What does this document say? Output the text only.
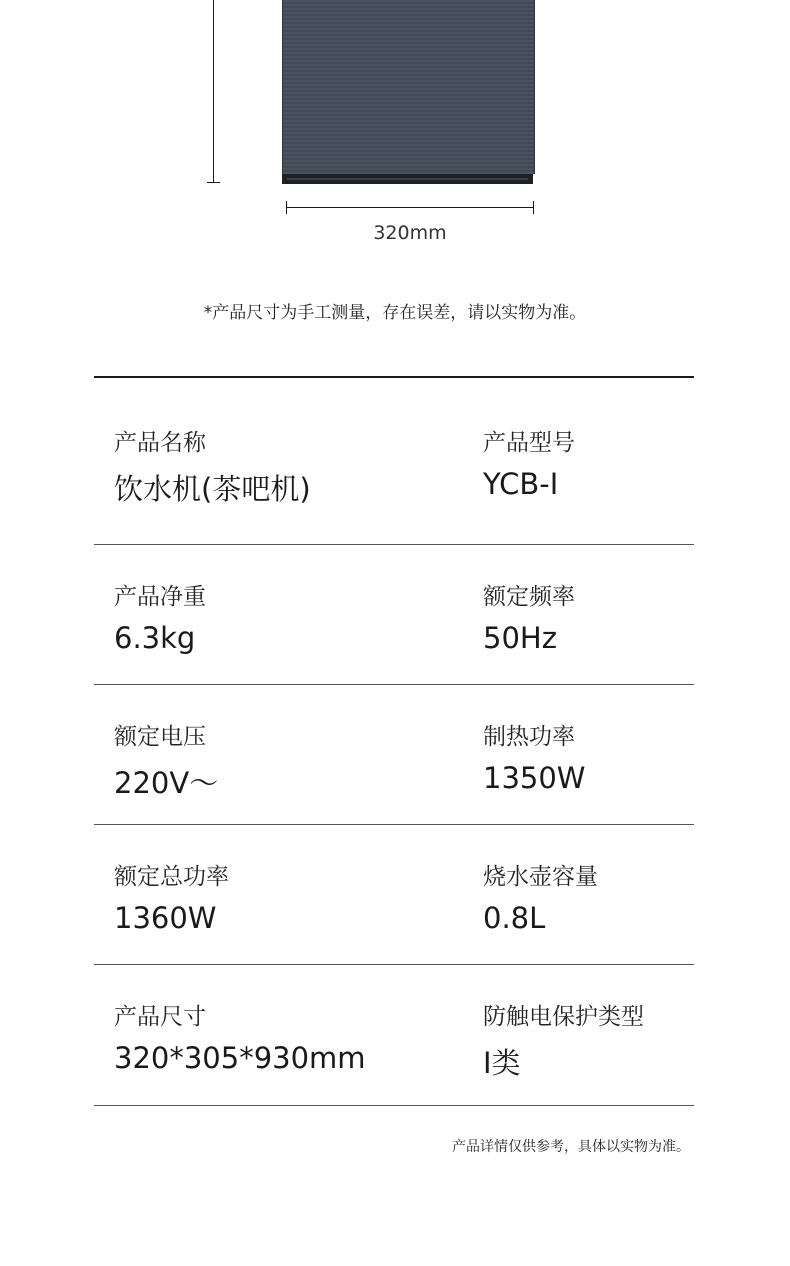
320mm
*产品尺寸为手工测量，存在误差，请以实物为准。
产品名称
饮水机(茶吧机)
产品型号
YCB-I
产品净重
6.3kg
额定频率
50Hz
额定电压
220V〜
制热功率
1350W
额定总功率
1360W
烧水壶容量
0.8L
产品尺寸
320*305*930mm
防触电保护类型
I类
产品详情仅供参考，具体以实物为准。
